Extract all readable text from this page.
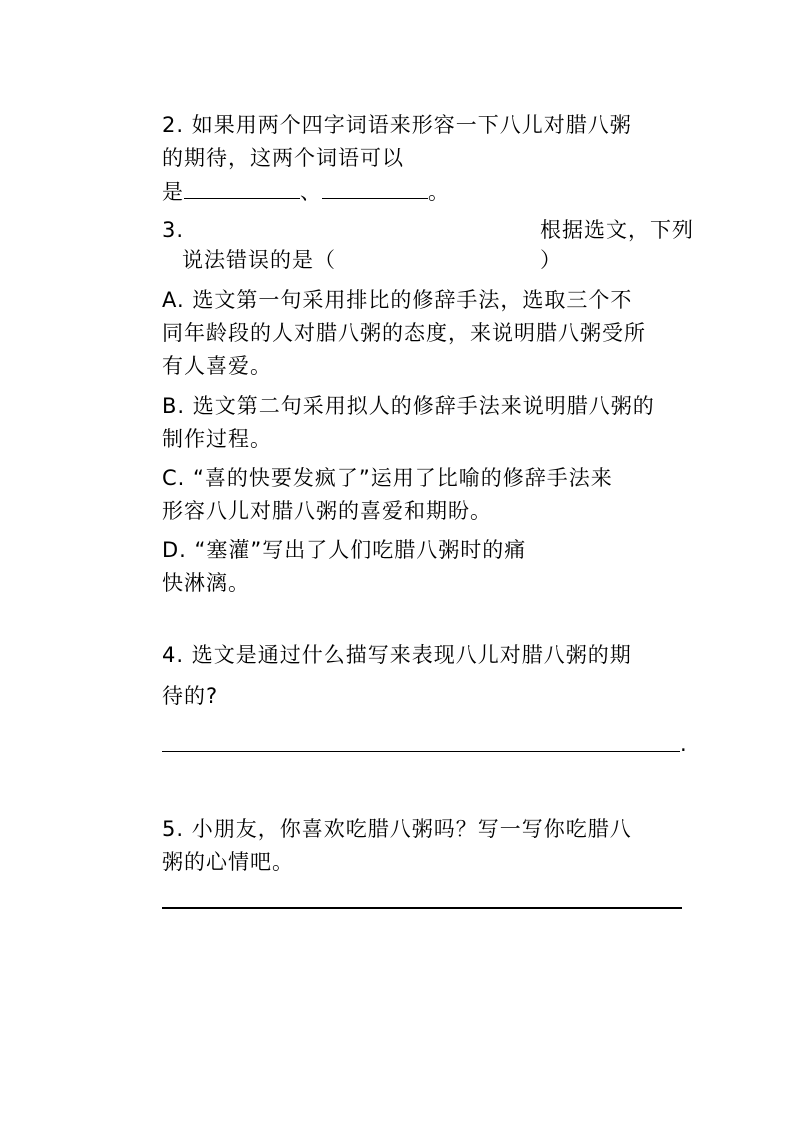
2. 如果用两个四字词语来形容一下八儿对腊八粥
的期待，这两个词语可以
是	、	。
3.	根据选文，下列
说法错误的是（	）
A. 选文第一句采用排比的修辞手法，选取三个不
同年龄段的人对腊八粥的态度，来说明腊八粥受所
有人喜爱。
B. 选文第二句采用拟人的修辞手法来说明腊八粥的
制作过程。
C. “喜的快要发疯了”运用了比喻的修辞手法来
形容八儿对腊八粥的喜爱和期盼。
D. “塞灌”写出了人们吃腊八粥时的痛
快淋漓。
4. 选文是通过什么描写来表现八儿对腊八粥的期
待的?
.
5. 小朋友，你喜欢吃腊八粥吗？写一写你吃腊八
粥的心情吧。
